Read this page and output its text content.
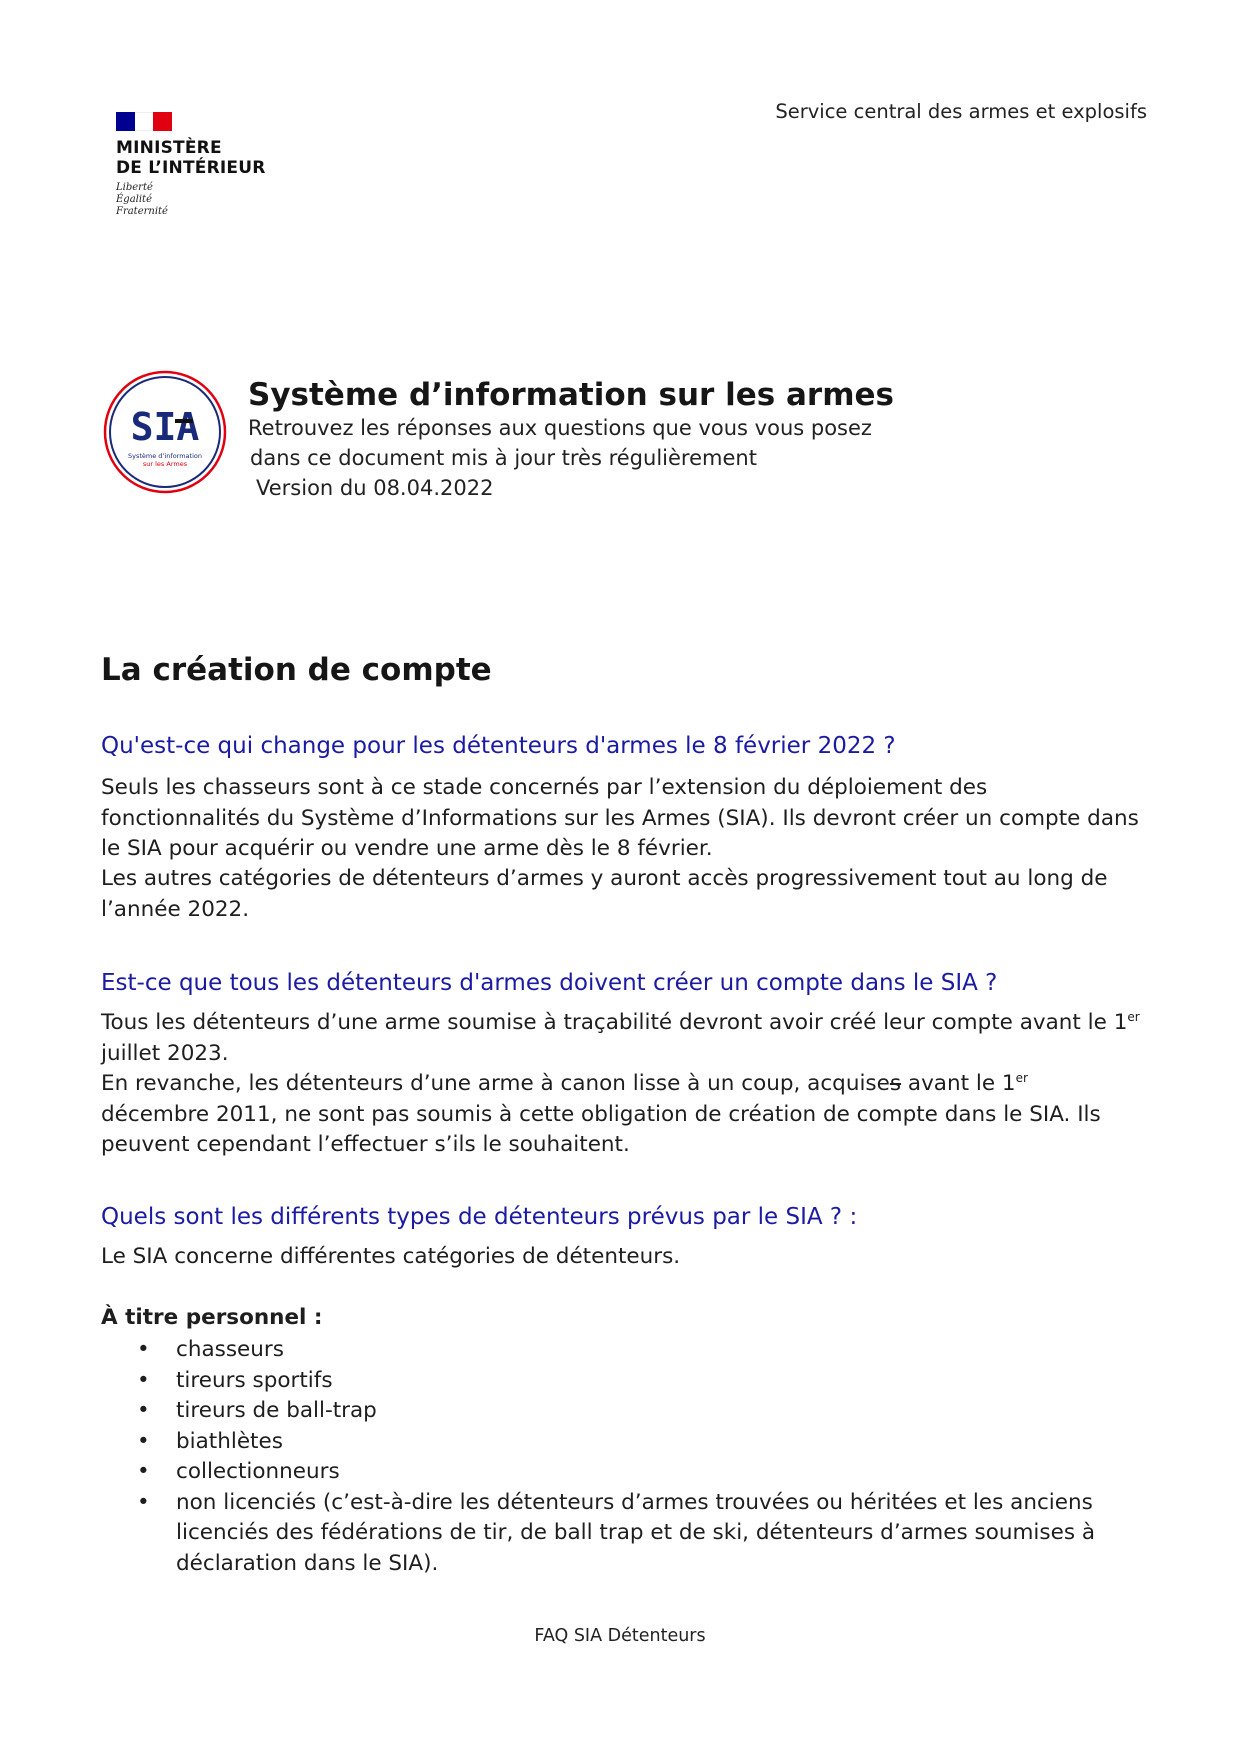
Service central des armes et explosifs
MINISTÈRE
DE L’INTÉRIEUR
Liberté
Égalité
Fraternité
SIA
Système d’information
sur les Armes
Système d’information sur les armes
Retrouvez les réponses aux questions que vous vous posez
dans ce document mis à jour très régulièrement
Version du 08.04.2022
La création de compte
Qu'est-ce qui change pour les détenteurs d'armes le 8 février 2022 ?

Seuls les chasseurs sont à ce stade concernés par l’extension du déploiement des fonctionnalités du Système d’Informations sur les Armes (SIA). Ils devront créer un compte dans le SIA pour acquérir ou vendre une arme dès le 8 février.

Les autres catégories de détenteurs d’armes y auront accès progressivement tout au long de l’année 2022.

Est-ce que tous les détenteurs d'armes doivent créer un compte dans le SIA ?

Tous les détenteurs d’une arme soumise à traçabilité devront avoir créé leur compte avant le 1er juillet 2023.

En revanche, les détenteurs d’une arme à canon lisse à un coup, acquises avant le 1er décembre 2011, ne sont pas soumis à cette obligation de création de compte dans le SIA. Ils peuvent cependant l’effectuer s’ils le souhaitent.

Quels sont les différents types de détenteurs prévus par le SIA ? :

Le SIA concerne différentes catégories de détenteurs.

À titre personnel :

• chasseurs
• tireurs sportifs
• tireurs de ball-trap
• biathlètes
• collectionneurs
• non licenciés (c’est-à-dire les détenteurs d’armes trouvées ou héritées et les anciens licenciés des fédérations de tir, de ball trap et de ski, détenteurs d’armes soumises à déclaration dans le SIA).
FAQ SIA Détenteurs
